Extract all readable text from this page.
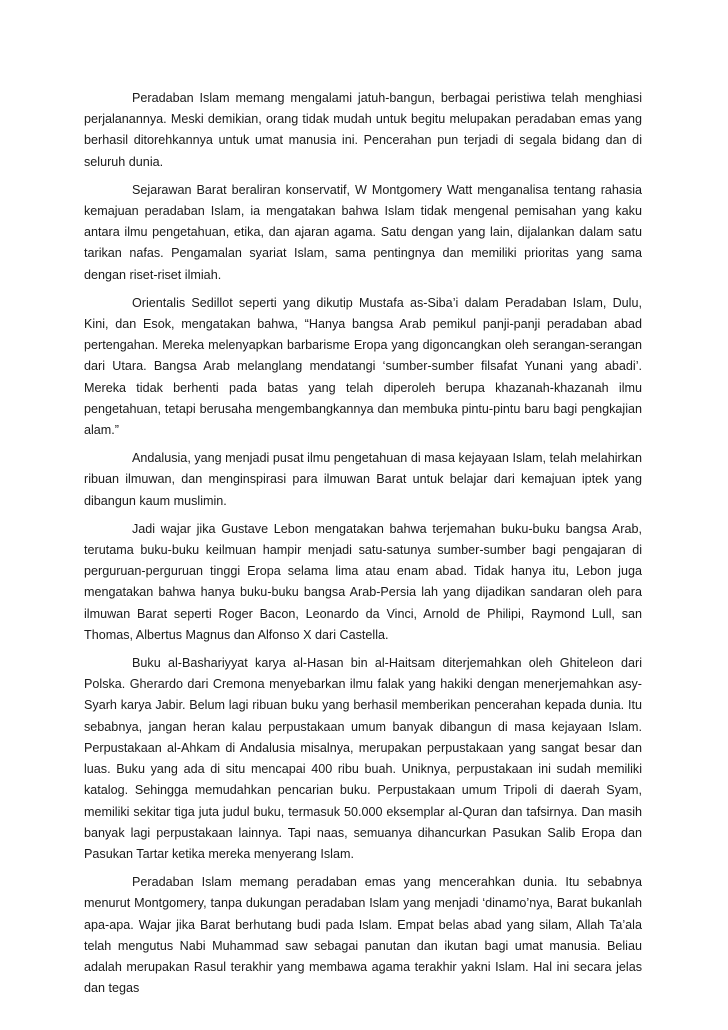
Peradaban Islam memang mengalami jatuh-bangun, berbagai peristiwa telah menghiasi perjalanannya. Meski demikian, orang tidak mudah untuk begitu melupakan peradaban emas yang berhasil ditorehkannya untuk umat manusia ini. Pencerahan pun terjadi di segala bidang dan di seluruh dunia.

Sejarawan Barat beraliran konservatif, W Montgomery Watt menganalisa tentang rahasia kemajuan peradaban Islam, ia mengatakan bahwa Islam tidak mengenal pemisahan yang kaku antara ilmu pengetahuan, etika, dan ajaran agama. Satu dengan yang lain, dijalankan dalam satu tarikan nafas. Pengamalan syariat Islam, sama pentingnya dan memiliki prioritas yang sama dengan riset-riset ilmiah.

Orientalis Sedillot seperti yang dikutip Mustafa as-Siba’i dalam Peradaban Islam, Dulu, Kini, dan Esok, mengatakan bahwa, “Hanya bangsa Arab pemikul panji-panji peradaban abad pertengahan. Mereka melenyapkan barbarisme Eropa yang digoncangkan oleh serangan-serangan dari Utara. Bangsa Arab melanglang mendatangi ‘sumber-sumber filsafat Yunani yang abadi’. Mereka tidak berhenti pada batas yang telah diperoleh berupa khazanah-khazanah ilmu pengetahuan, tetapi berusaha mengembangkannya dan membuka pintu-pintu baru bagi pengkajian alam.”

Andalusia, yang menjadi pusat ilmu pengetahuan di masa kejayaan Islam, telah melahirkan ribuan ilmuwan, dan menginspirasi para ilmuwan Barat untuk belajar dari kemajuan iptek yang dibangun kaum muslimin.

Jadi wajar jika Gustave Lebon mengatakan bahwa terjemahan buku-buku bangsa Arab, terutama buku-buku keilmuan hampir menjadi satu-satunya sumber-sumber bagi pengajaran di perguruan-perguruan tinggi Eropa selama lima atau enam abad. Tidak hanya itu, Lebon juga mengatakan bahwa hanya buku-buku bangsa Arab-Persia lah yang dijadikan sandaran oleh para ilmuwan Barat seperti Roger Bacon, Leonardo da Vinci, Arnold de Philipi, Raymond Lull, san Thomas, Albertus Magnus dan Alfonso X dari Castella.

Buku al-Bashariyyat karya al-Hasan bin al-Haitsam diterjemahkan oleh Ghiteleon dari Polska. Gherardo dari Cremona menyebarkan ilmu falak yang hakiki dengan menerjemahkan asy-Syarh karya Jabir. Belum lagi ribuan buku yang berhasil memberikan pencerahan kepada dunia. Itu sebabnya, jangan heran kalau perpustakaan umum banyak dibangun di masa kejayaan Islam. Perpustakaan al-Ahkam di Andalusia misalnya, merupakan perpustakaan yang sangat besar dan luas. Buku yang ada di situ mencapai 400 ribu buah. Uniknya, perpustakaan ini sudah memiliki katalog. Sehingga memudahkan pencarian buku. Perpustakaan umum Tripoli di daerah Syam, memiliki sekitar tiga juta judul buku, termasuk 50.000 eksemplar al-Quran dan tafsirnya. Dan masih banyak lagi perpustakaan lainnya. Tapi naas, semuanya dihancurkan Pasukan Salib Eropa dan Pasukan Tartar ketika mereka menyerang Islam.

Peradaban Islam memang peradaban emas yang mencerahkan dunia. Itu sebabnya menurut Montgomery, tanpa dukungan peradaban Islam yang menjadi ‘dinamo’nya, Barat bukanlah apa-apa. Wajar jika Barat berhutang budi pada Islam. Empat belas abad yang silam, Allah Ta’ala telah mengutus Nabi Muhammad saw sebagai panutan dan ikutan bagi umat manusia. Beliau adalah merupakan Rasul terakhir yang membawa agama terakhir yakni Islam. Hal ini secara jelas dan tegas
